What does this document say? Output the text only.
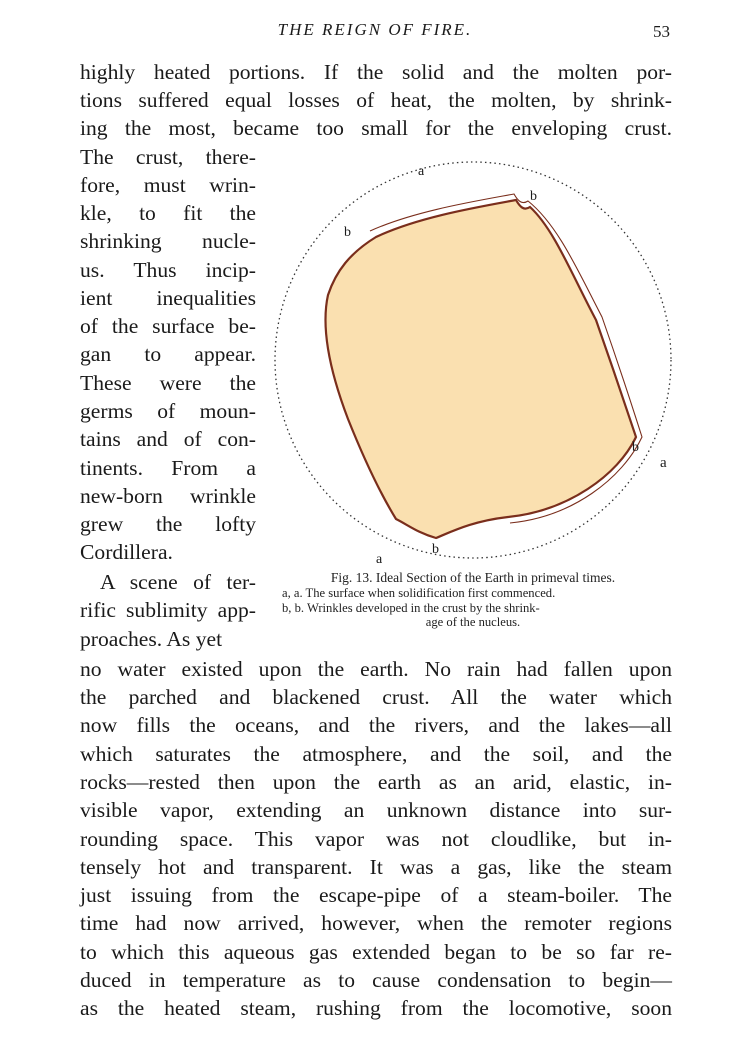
THE REIGN OF FIRE.	53

highly heated portions. If the solid and the molten por-

tions suffered equal losses of heat, the molten, by shrink-

ing the most, became too small for the enveloping crust.

The crust, there-

fore, must wrin-

kle, to fit the

shrinking nucle-

us. Thus incip-

ient inequalities

of the surface be-

gan to appear.

These were the

germs of moun-

tains and of con-

tinents. From a

new-born wrinkle

grew the lofty

Cordillera.

A scene of ter-

rific sublimity app-

proaches. As yet

a
b
b
b
a
b
a

Fig. 13. Ideal Section of the Earth in primeval times.

a, a. The surface when solidification first commenced.

b, b. Wrinkles developed in the crust by the shrink-

age of the nucleus.

no water existed upon the earth. No rain had fallen upon

the parched and blackened crust. All the water which

now fills the oceans, and the rivers, and the lakes—all

which saturates the atmosphere, and the soil, and the

rocks—rested then upon the earth as an arid, elastic, in-

visible vapor, extending an unknown distance into sur-

rounding space. This vapor was not cloudlike, but in-

tensely hot and transparent. It was a gas, like the steam

just issuing from the escape-pipe of a steam-boiler. The

time had now arrived, however, when the remoter regions

to which this aqueous gas extended began to be so far re-

duced in temperature as to cause condensation to begin—

as the heated steam, rushing from the locomotive, soon
